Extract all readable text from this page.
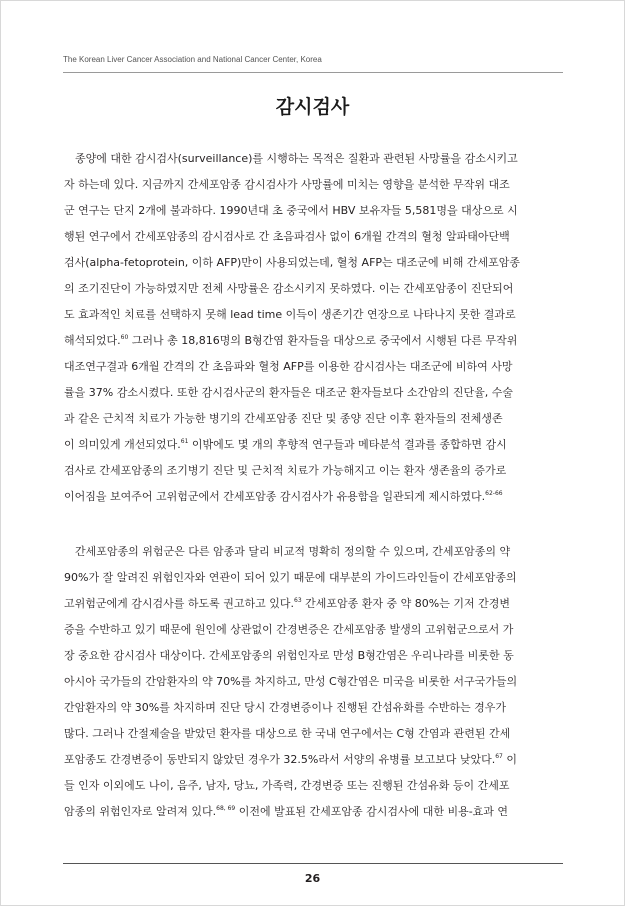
The Korean Liver Cancer Association and National Cancer Center, Korea
감시검사
종양에 대한 감시검사(surveillance)를 시행하는 목적은 질환과 관련된 사망률을 감소시키고
자 하는데 있다. 지금까지 간세포암종 감시검사가 사망률에 미치는 영향을 분석한 무작위 대조
군 연구는 단지 2개에 불과하다. 1990년대 초 중국에서 HBV 보유자들 5,581명을 대상으로 시
행된 연구에서 간세포암종의 감시검사로 간 초음파검사 없이 6개월 간격의 혈청 알파태아단백
검사(alpha-fetoprotein, 이하 AFP)만이 사용되었는데, 혈청 AFP는 대조군에 비해 간세포암종
의 조기진단이 가능하였지만 전체 사망률은 감소시키지 못하였다. 이는 간세포암종이 진단되어
도 효과적인 치료를 선택하지 못해 lead time 이득이 생존기간 연장으로 나타나지 못한 결과로
해석되었다.$^{60}$ 그러나 총 18,816명의 B형간염 환자들을 대상으로 중국에서 시행된 다른 무작위
대조연구결과 6개월 간격의 간 초음파와 혈청 AFP를 이용한 감시검사는 대조군에 비하여 사망
률을 37% 감소시켰다. 또한 감시검사군의 환자들은 대조군 환자들보다 소간암의 진단율, 수술
과 같은 근치적 치료가 가능한 병기의 간세포암종 진단 및 종양 진단 이후 환자들의 전체생존
이 의미있게 개선되었다.$^{61}$ 이밖에도 몇 개의 후향적 연구들과 메타분석 결과를 종합하면 감시
검사로 간세포암종의 조기병기 진단 및 근치적 치료가 가능해지고 이는 환자 생존율의 증가로
이어짐을 보여주어 고위험군에서 간세포암종 감시검사가 유용함을 일관되게 제시하였다.$^{62-66}$
간세포암종의 위험군은 다른 암종과 달리 비교적 명확히 정의할 수 있으며, 간세포암종의 약
90%가 잘 알려진 위험인자와 연관이 되어 있기 때문에 대부분의 가이드라인들이 간세포암종의
고위험군에게 감시검사를 하도록 권고하고 있다.$^{63}$ 간세포암종 환자 중 약 80%는 기저 간경변
증을 수반하고 있기 때문에 원인에 상관없이 간경변증은 간세포암종 발생의 고위험군으로서 가
장 중요한 감시검사 대상이다. 간세포암종의 위험인자로 만성 B형간염은 우리나라를 비롯한 동
아시아 국가들의 간암환자의 약 70%를 차지하고, 만성 C형간염은 미국을 비롯한 서구국가들의
간암환자의 약 30%를 차지하며 진단 당시 간경변증이나 진행된 간섬유화를 수반하는 경우가
많다. 그러나 간절제술을 받았던 환자를 대상으로 한 국내 연구에서는 C형 간염과 관련된 간세
포암종도 간경변증이 동반되지 않았던 경우가 32.5%라서 서양의 유병률 보고보다 낮았다.$^{67}$ 이
들 인자 이외에도 나이, 음주, 남자, 당뇨, 가족력, 간경변증 또는 진행된 간섬유화 등이 간세포
암종의 위험인자로 알려져 있다.$^{68, 69}$ 이전에 발표된 간세포암종 감시검사에 대한 비용-효과 연
26
